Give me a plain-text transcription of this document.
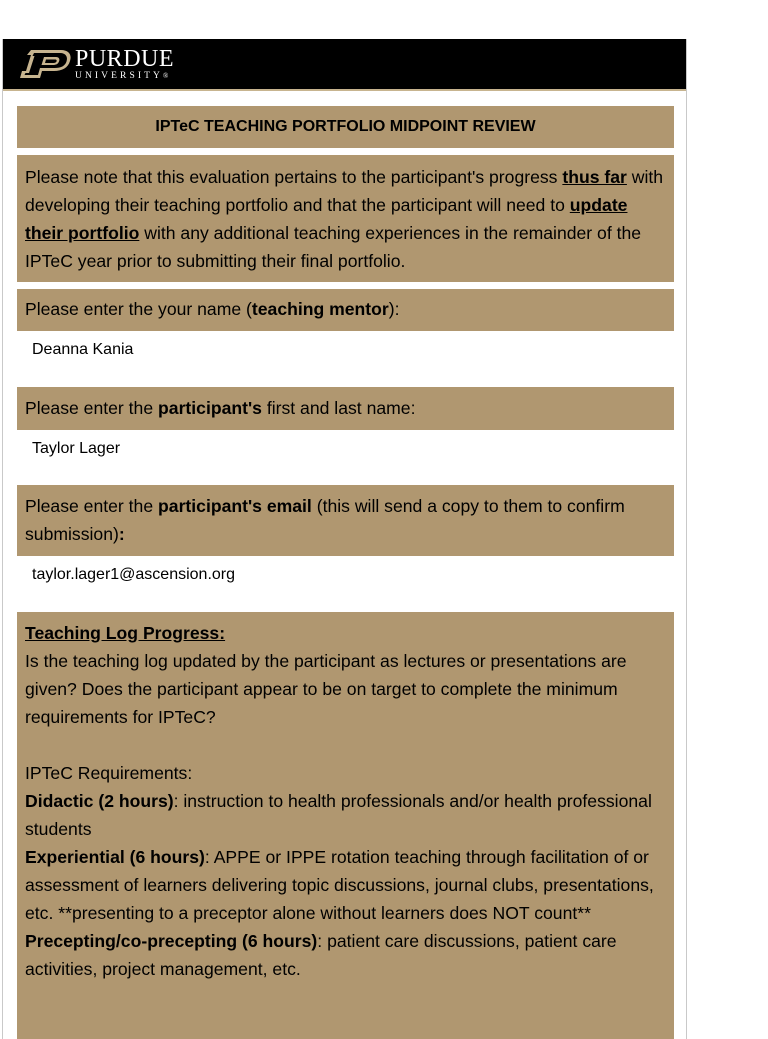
PURDUE
UNIVERSITY®
IPTeC TEACHING PORTFOLIO MIDPOINT REVIEW
Please note that this evaluation pertains to the participant's progress thus far with developing their teaching portfolio and that the participant will need to update their portfolio with any additional teaching experiences in the remainder of the IPTeC year prior to submitting their final portfolio.
Please enter the your name (teaching mentor):
Deanna Kania
Please enter the participant's first and last name:
Taylor Lager
Please enter the participant's email (this will send a copy to them to confirm submission):
taylor.lager1@ascension.org
Teaching Log Progress:
Is the teaching log updated by the participant as lectures or presentations are given? Does the participant appear to be on target to complete the minimum requirements for IPTeC?
IPTeC Requirements:
Didactic (2 hours): instruction to health professionals and/or health professional students
Experiential (6 hours): APPE or IPPE rotation teaching through facilitation of or assessment of learners delivering topic discussions, journal clubs, presentations, etc. **presenting to a preceptor alone without learners does NOT count**
Precepting/co-precepting (6 hours): patient care discussions, patient care activities, project management, etc.
